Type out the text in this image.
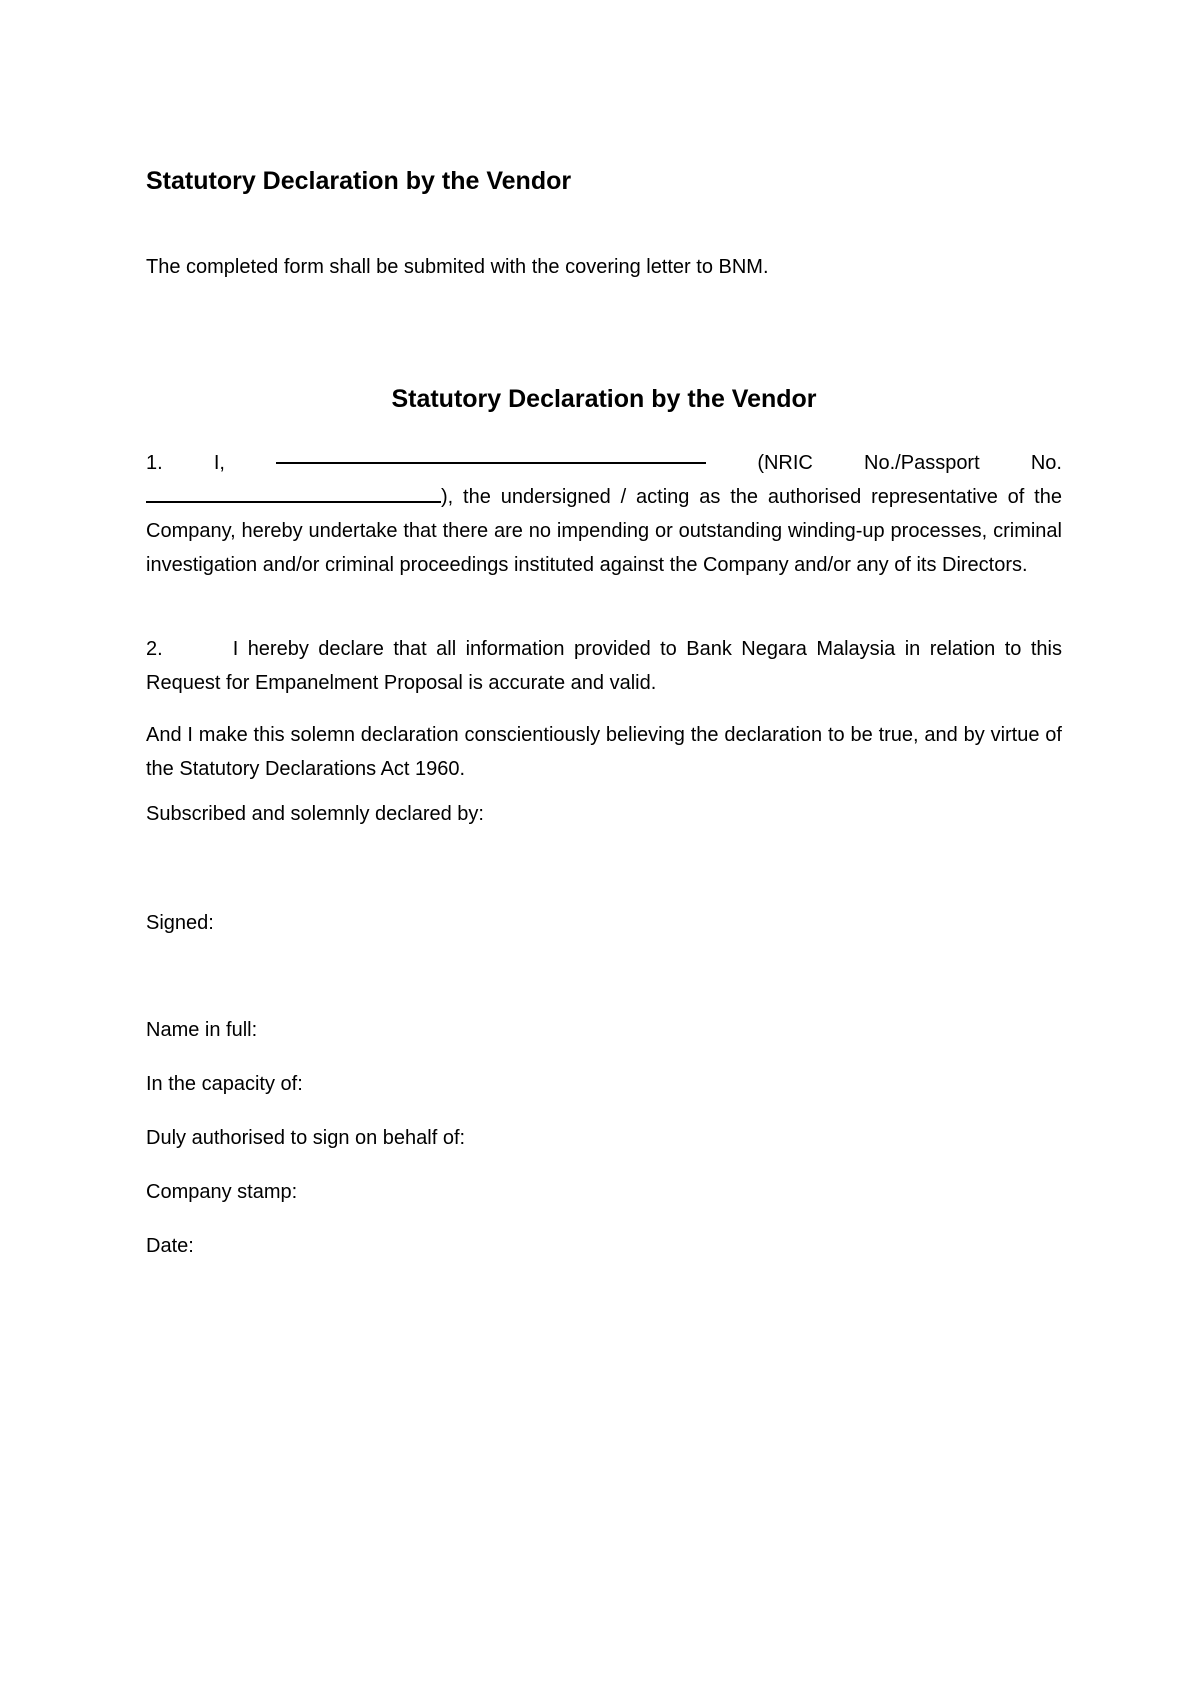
Statutory Declaration by the Vendor

The completed form shall be submited with the covering letter to BNM.

Statutory Declaration by the Vendor
1.	I,	(NRIC	No./Passport	No.
), the undersigned / acting as the authorised representative of the Company, hereby undertake that there are no impending or outstanding winding-up processes, criminal investigation and/or criminal proceedings instituted against the Company and/or any of its Directors.

2.	I hereby declare that all information provided to Bank Negara Malaysia in relation to this Request for Empanelment Proposal is accurate and valid.

And I make this solemn declaration conscientiously believing the declaration to be true, and by virtue of the Statutory Declarations Act 1960.

Subscribed and solemnly declared by:

Signed:

Name in full:

In the capacity of:

Duly authorised to sign on behalf of:

Company stamp:

Date:
